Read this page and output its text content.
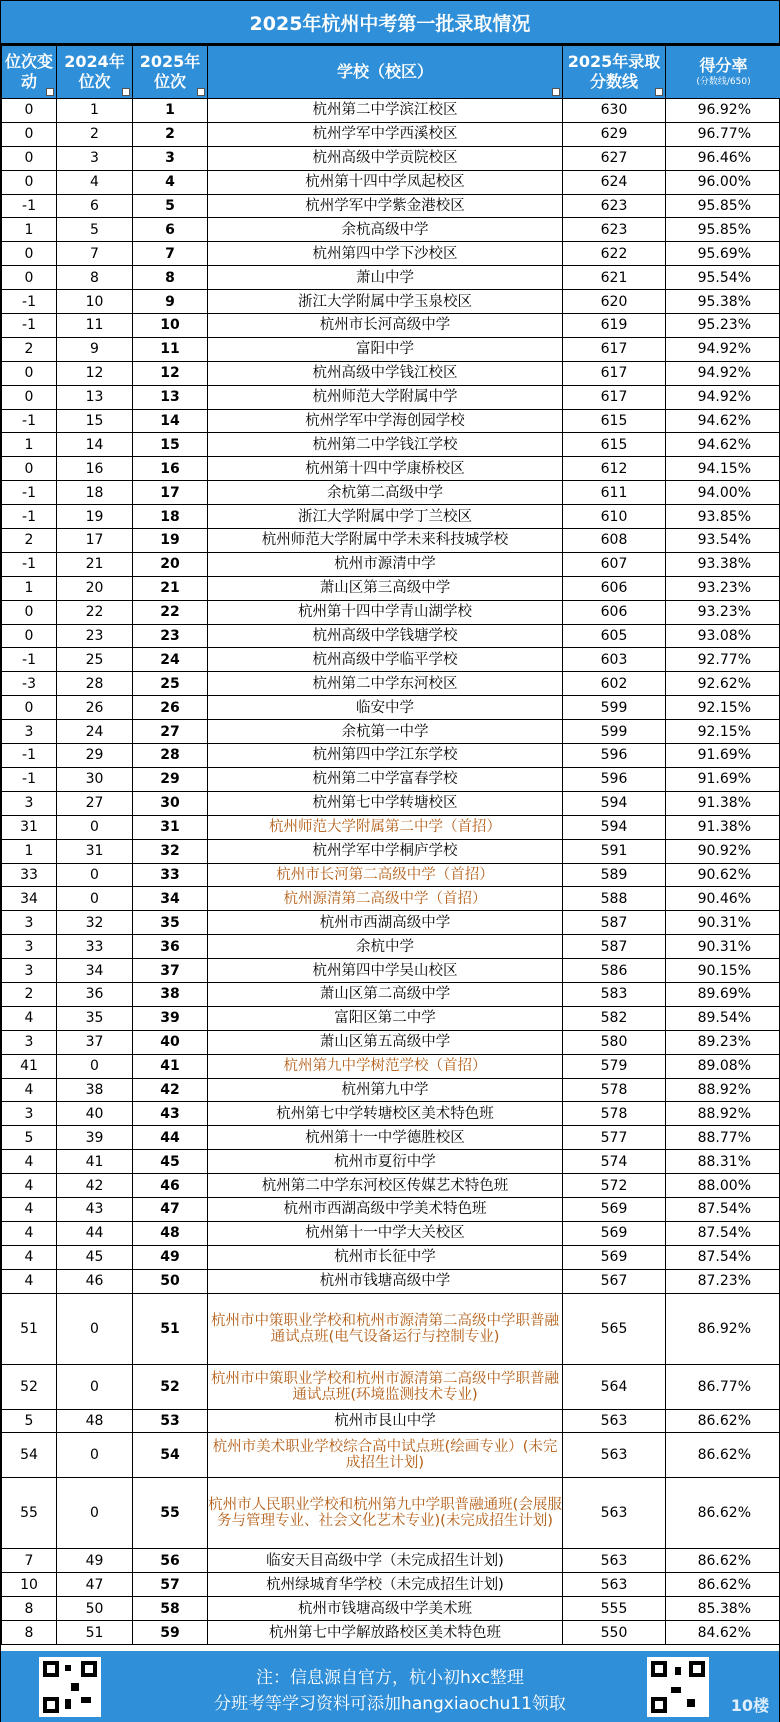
2025年杭州中考第一批录取情况
位次变动	2024年位次	2025年位次	学校（校区）	2025年录取分数线	得分率
(分数线/650)

0	1	1	杭州第二中学滨江校区	630	96.92%
0	2	2	杭州学军中学西溪校区	629	96.77%
0	3	3	杭州高级中学贡院校区	627	96.46%
0	4	4	杭州第十四中学凤起校区	624	96.00%
-1	6	5	杭州学军中学紫金港校区	623	95.85%
1	5	6	余杭高级中学	623	95.85%
0	7	7	杭州第四中学下沙校区	622	95.69%
0	8	8	萧山中学	621	95.54%
-1	10	9	浙江大学附属中学玉泉校区	620	95.38%
-1	11	10	杭州市长河高级中学	619	95.23%
2	9	11	富阳中学	617	94.92%
0	12	12	杭州高级中学钱江校区	617	94.92%
0	13	13	杭州师范大学附属中学	617	94.92%
-1	15	14	杭州学军中学海创园学校	615	94.62%
1	14	15	杭州第二中学钱江学校	615	94.62%
0	16	16	杭州第十四中学康桥校区	612	94.15%
-1	18	17	余杭第二高级中学	611	94.00%
-1	19	18	浙江大学附属中学丁兰校区	610	93.85%
2	17	19	杭州师范大学附属中学未来科技城学校	608	93.54%
-1	21	20	杭州市源清中学	607	93.38%
1	20	21	萧山区第三高级中学	606	93.23%
0	22	22	杭州第十四中学青山湖学校	606	93.23%
0	23	23	杭州高级中学钱塘学校	605	93.08%
-1	25	24	杭州高级中学临平学校	603	92.77%
-3	28	25	杭州第二中学东河校区	602	92.62%
0	26	26	临安中学	599	92.15%
3	24	27	余杭第一中学	599	92.15%
-1	29	28	杭州第四中学江东学校	596	91.69%
-1	30	29	杭州第二中学富春学校	596	91.69%
3	27	30	杭州第七中学转塘校区	594	91.38%
31	0	31	杭州师范大学附属第二中学（首招）	594	91.38%
1	31	32	杭州学军中学桐庐学校	591	90.92%
33	0	33	杭州市长河第二高级中学（首招）	589	90.62%
34	0	34	杭州源清第二高级中学（首招）	588	90.46%
3	32	35	杭州市西湖高级中学	587	90.31%
3	33	36	余杭中学	587	90.31%
3	34	37	杭州第四中学吴山校区	586	90.15%
2	36	38	萧山区第二高级中学	583	89.69%
4	35	39	富阳区第二中学	582	89.54%
3	37	40	萧山区第五高级中学	580	89.23%
41	0	41	杭州第九中学树范学校（首招）	579	89.08%
4	38	42	杭州第九中学	578	88.92%
3	40	43	杭州第七中学转塘校区美术特色班	578	88.92%
5	39	44	杭州第十一中学德胜校区	577	88.77%
4	41	45	杭州市夏衍中学	574	88.31%
4	42	46	杭州第二中学东河校区传媒艺术特色班	572	88.00%
4	43	47	杭州市西湖高级中学美术特色班	569	87.54%
4	44	48	杭州第十一中学大关校区	569	87.54%
4	45	49	杭州市长征中学	569	87.54%
4	46	50	杭州市钱塘高级中学	567	87.23%
51	0	51	杭州市中策职业学校和杭州市源清第二高级中学职普融通试点班(电气设备运行与控制专业)	565	86.92%
52	0	52	杭州市中策职业学校和杭州市源清第二高级中学职普融通试点班(环境监测技术专业)	564	86.77%
5	48	53	杭州市艮山中学	563	86.62%
54	0	54	杭州市美术职业学校综合高中试点班(绘画专业）(未完成招生计划)	563	86.62%
55	0	55	杭州市人民职业学校和杭州第九中学职普融通班(会展服务与管理专业、社会文化艺术专业)(未完成招生计划)	563	86.62%
7	49	56	临安天目高级中学（未完成招生计划)	563	86.62%
10	47	57	杭州绿城育华学校（未完成招生计划)	563	86.62%
8	50	58	杭州市钱塘高级中学美术班	555	85.38%
8	51	59	杭州第七中学解放路校区美术特色班	550	84.62%
注：信息源自官方，杭小初hxc整理
分班考等学习资料可添加hangxiaochu11领取	10楼
